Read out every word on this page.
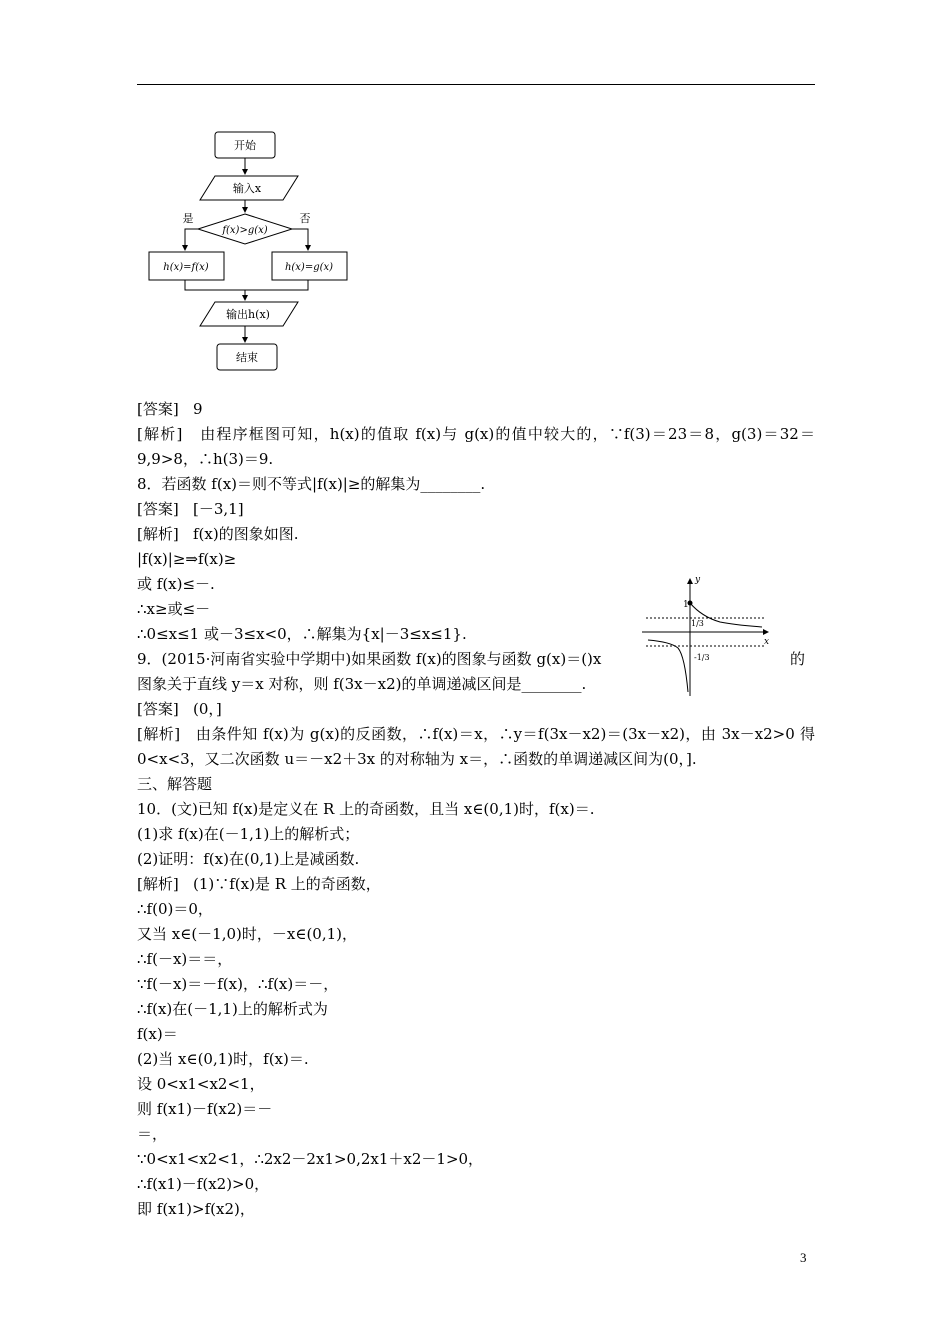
开始
输入x
f(x)>g(x)
是	否
h(x)=f(x)	h(x)=g(x)
输出h(x)
结束
[答案]   9
[解析]   由程序框图可知，h(x)的值取 f(x)与 g(x)的值中较大的，∵f(3)＝23＝8，g(3)＝32＝
9,9>8，∴h(3)＝9.
8．若函数 f(x)＝则不等式|f(x)|≥的解集为________.
[答案]   [－3,1]
[解析]   f(x)的图象如图.
|f(x)|≥⇒f(x)≥
或 f(x)≤－.
∴x≥或≤－
∴0≤x≤1 或－3≤x<0，∴解集为{x|－3≤x≤1}.
9．(2015·河南省实验中学期中)如果函数 f(x)的图象与函数 g(x)＝()x	的
图象关于直线 y＝x 对称，则 f(3x－x2)的单调递减区间是________.
[答案]   (0，]
[解析]   由条件知 f(x)为 g(x)的反函数，∴f(x)＝x，∴y＝f(3x－x2)＝(3x－x2)，由 3x－x2>0 得
0<x<3，又二次函数 u＝－x2＋3x 的对称轴为 x＝，∴函数的单调递减区间为(0，].
三、解答题
10．(文)已知 f(x)是定义在 R 上的奇函数，且当 x∈(0,1)时，f(x)＝.
(1)求 f(x)在(－1,1)上的解析式；
(2)证明：f(x)在(0,1)上是减函数.
[解析]   (1)∵f(x)是 R 上的奇函数，
∴f(0)＝0，
又当 x∈(－1,0)时，－x∈(0,1)，
∴f(－x)＝＝，
∵f(－x)＝－f(x)，∴f(x)＝－，
∴f(x)在(－1,1)上的解析式为
f(x)＝
(2)当 x∈(0,1)时，f(x)＝.
设 0<x1<x2<1，
则 f(x1)－f(x2)＝－
＝，
∵0<x1<x2<1，∴2x2－2x1>0,2x1＋x2－1>0，
∴f(x1)－f(x2)>0，
即 f(x1)>f(x2)，
y
x
1
1/3
-1/3
3
